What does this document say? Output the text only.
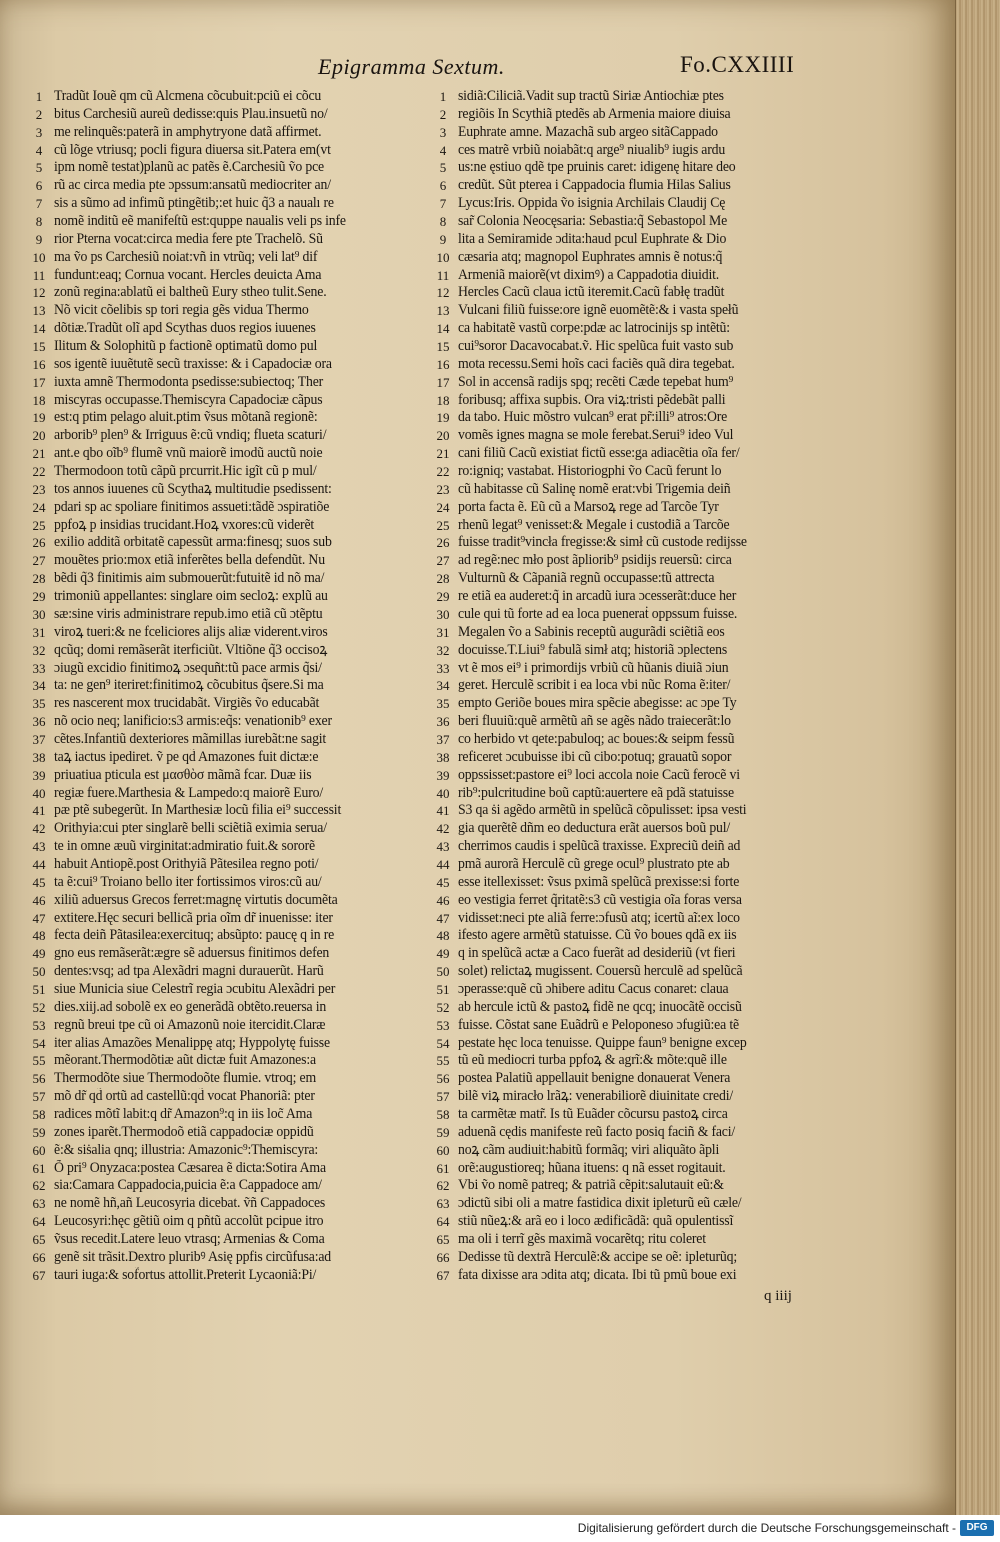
Epigramma Sextum.	Fo.CXXIIII
1 Tradũt Iouẽ qm cũ Alcmena cõcubuit:pciũ ei cõcu
2 bitus Carchesiũ aureũ dedisse:quis Plau.insuetũ no/
3 me relinquẽs:paterã in amphytryone datã affirmet.
4 cũ lõge vtriusq; pocli figura diuersa sit.Patera em(vt
5 ipm nomẽ testat)planũ ac patẽs ẽ.Carchesiũ ṽo pce
6 rũ ac circa media pte ɔpssum:ansatũ mediocriter an/
7 sis a sũmo ad infimũ ptingẽtib;:et huic q̃3 a naualı re
8 nomẽ inditũ eẽ manifeſtũ est:quppe naualis veli ps infe
9 rior Pterna vocat:circa media fere pte Trachelõ. Sũ
10 ma ṽo ps Carchesiũ noiat:vñ in vtrũq; veli lat⁹ dif
11 fundunt:eaq; Cornua vocant. Hercles deuicta Ama
12 zonũ regina:ablatũ ei baltheũ Eury stheo tulit.Sene.
13 Nõ vicit cõelibis sp tori regia gẽs vidua Thermo
14 dõtiæ.Tradũt olĩ apd Scythas duos regios iuuenes
15 Ilitum & Solophitũ p factionẽ optimatũ domo pul
16 sos igentẽ iuuẽtutẽ secũ traxisse: & i Capadociæ ora
17 iuxta amnẽ Thermodonta psedisse:subiectoq; Ther
18 miscyras occupasse.Themiscyra Capadociæ cãpus
19 est:q ptim pelago aluit.ptim ṽsus mõtanã regionẽ:
20 arborib⁹ plen⁹ & Irriguus ẽ:cũ vndiq; flueta scaturi/
21 ant.e qbo oĩb⁹ flumẽ vnũ maiorẽ imodũ auctũ noie
22 Thermodoon totũ cãpũ prcurrit.Hic igĩt cũ p mul/
23 tos annos iuuenes cũ Scythaꝝ multitudie psedissent:
24 pdari sp ac spoliare finitimos assueti:tãdẽ ɔspiratiõe
25 ppfoꝝ p insidias trucidant.Hoꝝ vxores:cũ viderẽt
26 exilio additã orbitatẽ capessũt arma:finesq; suos sub
27 mouẽtes prio:mox etiã inferẽtes bella defendũt. Nu
28 bẽdi q̃3 finitimis aim submouerũt:futuitẽ id nõ ma/
29 trimoniũ appellantes: singlare oim secloꝝ: explũ au
30 sæ:sine viris administrare repub.imo etiã cũ ɔtẽptu
31 viroꝝ tueri:& ne fceliciores alijs aliæ viderent.viros
32 qcũq; domi remãserãt iterficiũt. Vltiõne q̃3 occisoꝝ
33 ɔiugũ excidio finitimoꝝ ɔsequñt:tũ pace armis q̃si/
34 ta: ne gen⁹ iteriret:finitimoꝝ cõcubitus q̃sere.Si ma
35 res nascerent mox trucidabãt. Virgiẽs ṽo educabãt
36 nõ ocio neq; lanificio:s3 armis:eq̃s: venationib⁹ exer
37 cẽtes.Infantiũ dexteriores mãmillas iurebãt:ne sagit
38 taꝝ iactus ipediret. ṽ pe qd̃ Amazones fuit dictæ:e
39 priuatiua pticula est μασθὸσ mãmã fcar. Duæ iis
40 regiæ fuere.Marthesia & Lampedo:q maiorẽ Euro/
41 pæ ptẽ subegerũt. In Marthesiæ locũ filia ei⁹ successit
42 Orithyia:cui pter singlarẽ belli sciẽtiã eximia serua/
43 te in omne æuũ virginitat:admiratio fuit.& sororẽ
44 habuit Antiopẽ.post Orithyiã Pãtesilea regno poti/
45 ta ẽ:cui⁹ Troiano bello iter fortissimos viros:cũ au/
46 xiliũ aduersus Grecos ferret:magnę virtutis documẽta
47 extitere.Hęc securi bellicã pria oĩm dr̃ inuenisse: iter
48 fecta deiñ Pãtasilea:exercituq; absũpto: paucę q in re
49 gno eus remãserãt:ægre sẽ aduersus finitimos defen
50 dentes:vsq; ad tpa Alexãdri magni durauerũt. Harũ
51 siue Municia siue Celestrĩ regia ɔcubitu Alexãdri per
52 dies.xiij.ad sobolẽ ex eo generãdã obtẽto.reuersa in
53 regnũ breui tpe cũ oi Amazonũ noie itercidit.Claræ
54 iter alias Amazões Menalippę atq; Hyppolytę fuisse
55 mẽorant.Thermodõtiæ aũt dictæ fuit Amazones:a
56 Thermodõte siue Thermodoõte flumie. vtroq; em
57 mõ dr̃ qd̃ ortũ ad castellũ:qd̃ vocat Phanoriã: pter
58 radices mõtĩ labit:q dr̃ Amazon⁹:q in iis loc̃ Ama
59 zones iparẽt.Thermodoõ etiã cappadociæ oppidũ
60 ẽ:& siṡalia qnq; illustria: Amazonic⁹:Themiscyra:
61 Õ pri⁹ Onyzaca:postea Cæsarea ẽ dicta:Sotira Ama
62 sia:Camara Cappadocia,puicia ẽ:a Cappadoce am/
63 ne nomẽ hñ,añ Leucosyria dicebat. ṽñ Cappadoces
64 Leucosyri:hęc gẽtiũ oim q pñtũ accolũt pcipue itro
65 ṽsus recedit.Latere leuo vtrasq; Armenias & Coma
66 genẽ sit trãsit.Dextro pluribꝰ Asię ppfis circũfusa:ad
67 tauri iuga:& sof̃ortus attollit.Preterit Lycaoniã:Pi/
1 sidiã:Ciliciã.Vadit sup tractũ Siriæ Antiochiæ ptes
2 regiõis In Scythiã ptedẽs ab Armenia maiore diuisa
3 Euphrate amne. Mazachã sub argeo sitãCappado
4 ces matrẽ vrbiũ noiabãt:q arge⁹ niualib⁹ iugis ardu
5 us:ne ęstiuo qdẽ tpe pruinis caret: idigenę hitare deo
6 credũt. Sũt pterea i Cappadocia flumia Hilas Salius
7 Lycus:Iris. Oppida ṽo isignia Archilais Claudij Cę
8 sar̃ Colonia Neocęsaria: Sebastia:q̃ Sebastopol Me
9 lita a Semiramide ɔdita:haud pcul Euphrate & Dio
10 cæsaria atq; magnopol Euphrates amnis ẽ notus:q̃
11 Armeniã maiorẽ(vt diximꝰ) a Cappadotia diuidit.
12 Hercles Cacũ claua ictũ iteremit.Cacũ fabłę tradũt
13 Vulcani filiũ fuisse:ore ignẽ euomẽtẽ:& i vasta spełũ
14 ca habitatẽ vastũ corpe:pdæ ac latrocinijs sp intẽtũ:
15 cui⁹soror Dacavocabat.ṽ. Hic spelũca fuit vasto sub
16 mota recessu.Semi hoĩs caci faciẽs quã dira tegebat.
17 Sol in accensã radijs spq; recẽti Cæde tepebat hum⁹
18 foribusq; affixa supbis. Ora viꝝ:tristi pẽdebãt palli
19 da tabo. Huic mõstro vulcan⁹ erat pr̃:illi⁹ atros:Ore
20 vomẽs ignes magna se mole ferebat.Serui⁹ ideo Vul
21 cani filiũ Cacũ existiat fictũ esse:ga adiacẽtia oĩa fer/
22 ro:igniq; vastabat. Historiogphi ṽo Cacũ ferunt lo
23 cũ habitasse cũ Salinę nomẽ erat:vbi Trigemia deiñ
24 porta facta ẽ. Eũ cũ a Marsoꝝ rege ad Tarcõe Tyr
25 rhenũ legat⁹ venisset:& Megale i custodiã a Tarcõe
26 fuisse tradit⁹vincła fregisse:& simł cũ custode redijsse
27 ad regẽ:nec mło post ãpliorib⁹ psidijs reuersũ: circa
28 Vulturnũ & Cãpaniã regnũ occupasse:tũ attrecta
29 re etiã ea auderet:q̃ in arcadũ iura ɔcesserãt:duce her
30 cule qui tũ forte ad ea loca pueneraṫ oppssum fuisse.
31 Megalen ṽo a Sabinis receptũ augurãdi sciẽtiã eos
32 docuisse.T.Liui⁹ fabulã simł atq; historiã ɔplectens
33 vt ẽ mos ei⁹ i primordijs vrbiũ cũ hũanis diuiã ɔiun
34 geret. Herculẽ scribit i ea loca vbi nũc Roma ẽ:iter/
35 empto Geriõe boues mira spẽcie abegisse: ac ɔpe Ty
36 beri fluuiũ:quẽ armẽtũ añ se agẽs nãdo traiecerãt:lo
37 co herbido vt qete:pabuloq; ac boues:& seipm fessũ
38 reficeret ɔcubuisse ibi cũ cibo:potuq; grauatũ sopor
39 oppssisset:pastore ei⁹ loci accola noie Cacũ ferocẽ vi
40 rib⁹:pulcritudine boũ captũ:auertere eã pdã statuisse
41 S3 qa ṡi agẽdo armẽtũ in spelũcã cõpulisset: ipsa vesti
42 gia querẽtẽ dñm eo deductura erãt auersos boũ pul/
43 cherrimos caudis i spelũcã traxisse. Expreciũ deiñ ad
44 pmã aurorã Herculẽ cũ grege ocul⁹ plustrato pte ab
45 esse itellexisset: ṽsus pximã spelũcã prexisse:si forte
46 eo vestigia ferret q̃ritatẽ:s3 cũ vestigia oĩa foras versa
47 vidisset:neci pte aliã ferre:ɔfusũ atq; icertũ aĩ:ex loco
48 ifesto agere armẽtũ statuisse. Cũ ṽo boues qdã ex iis
49 q in spelũcã actæ a Caco fuerãt ad desideriũ (vt fieri
50 solet) relictaꝝ mugissent. Couersũ herculẽ ad spelũcã
51 ɔperasse:quẽ cũ ɔhibere aditu Cacus conaret: claua
52 ab hercule ictũ & pastoꝝ fidẽ ne qcq; inuocãtẽ occisũ
53 fuisse. Cõstat sane Euãdrũ e Peloponeso ɔfugiũ:ea tẽ
54 pestate hęc loca tenuisse. Quippe faun⁹ benigne excep
55 tũ eũ mediocri turba ppfoꝝ & agrĩ:& mõte:quẽ ille
56 postea Palatiũ appellauit benigne donauerat Venera
57 bilẽ viꝝ miracło lrãꝝ: venerabiliorẽ diuinitate credi/
58 ta carmẽtæ matr̃. Is tũ Euãder cõcursu pastoꝝ circa
59 aduenã cędis manifeste reũ facto posiq faciñ & faci/
60 noꝝ cãm audiuit:habitũ formãq; viri aliquãto ãpli
61 orẽ:augustioreq; hũana ituens: q nã esset rogitauit.
62 Vbi ṽo nomẽ patreq; & patriã cẽpit:salutauit eũ:&
63 ɔdictũ sibi oli a matre fastidica dixit ipleturũ eũ cæle/
64 stiũ nũeꝝ:& arã eo i loco ædificãdã: quã opulentissĩ
65 ma oli i terrĩ gẽs maximã vocarẽtq; ritu coleret
66 Dedisse tũ dextrã Herculẽ:& accipe se oẽ: ipleturũq;
67 fata dixisse ara ɔdita atq; dicata. Ibi tũ pmũ boue exi
q iiij
Digitalisierung gefördert durch die Deutsche Forschungsgemeinschaft -	DFG
